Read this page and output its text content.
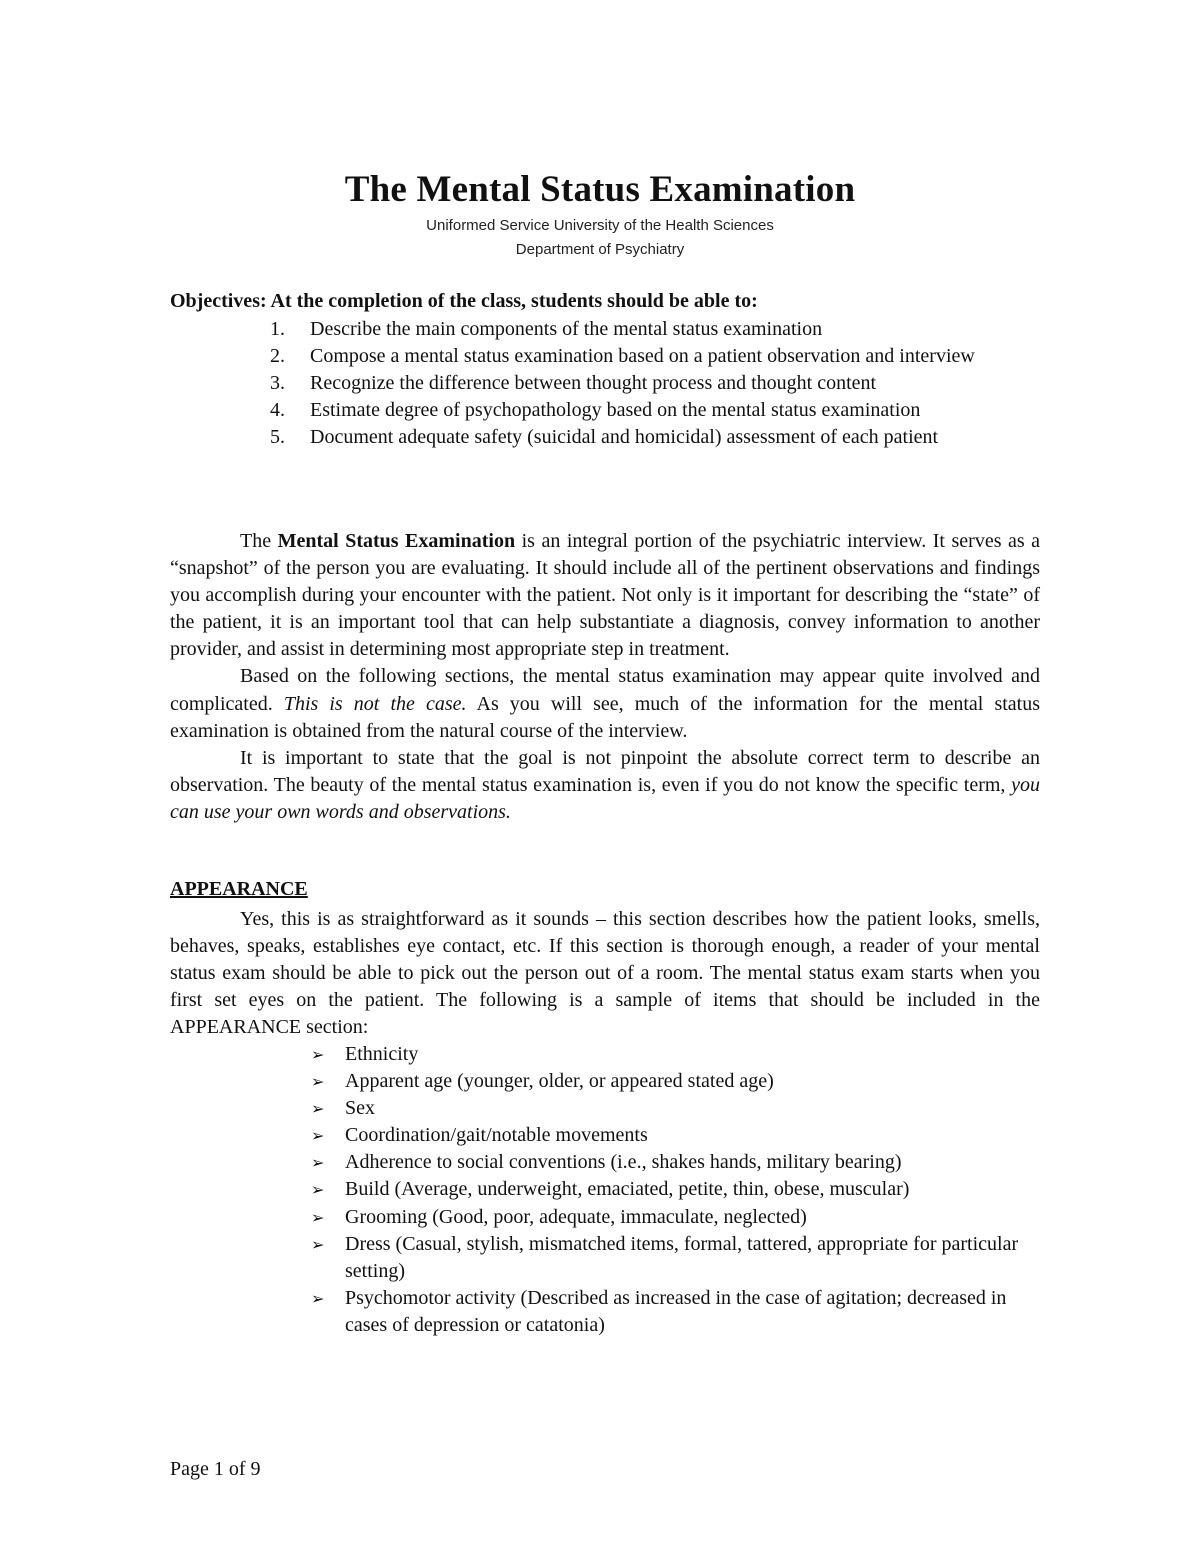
The Mental Status Examination
Uniformed Service University of the Health Sciences
Department of Psychiatry
Objectives: At the completion of the class, students should be able to:
1. Describe the main components of the mental status examination
2. Compose a mental status examination based on a patient observation and interview
3. Recognize the difference between thought process and thought content
4. Estimate degree of psychopathology based on the mental status examination
5. Document adequate safety (suicidal and homicidal) assessment of each patient

The Mental Status Examination is an integral portion of the psychiatric interview. It serves as a “snapshot” of the person you are evaluating. It should include all of the pertinent observations and findings you accomplish during your encounter with the patient. Not only is it important for describing the “state” of the patient, it is an important tool that can help substantiate a diagnosis, convey information to another provider, and assist in determining most appropriate step in treatment.

Based on the following sections, the mental status examination may appear quite involved and complicated. This is not the case. As you will see, much of the information for the mental status examination is obtained from the natural course of the interview.

It is important to state that the goal is not pinpoint the absolute correct term to describe an observation. The beauty of the mental status examination is, even if you do not know the specific term, you can use your own words and observations.

APPEARANCE

Yes, this is as straightforward as it sounds – this section describes how the patient looks, smells, behaves, speaks, establishes eye contact, etc. If this section is thorough enough, a reader of your mental status exam should be able to pick out the person out of a room. The mental status exam starts when you first set eyes on the patient. The following is a sample of items that should be included in the APPEARANCE section:

➢ Ethnicity
➢ Apparent age (younger, older, or appeared stated age)
➢ Sex
➢ Coordination/gait/notable movements
➢ Adherence to social conventions (i.e., shakes hands, military bearing)
➢ Build (Average, underweight, emaciated, petite, thin, obese, muscular)
➢ Grooming (Good, poor, adequate, immaculate, neglected)
➢ Dress (Casual, stylish, mismatched items, formal, tattered, appropriate for particular setting)
➢ Psychomotor activity (Described as increased in the case of agitation; decreased in cases of depression or catatonia)
Page 1 of 9
